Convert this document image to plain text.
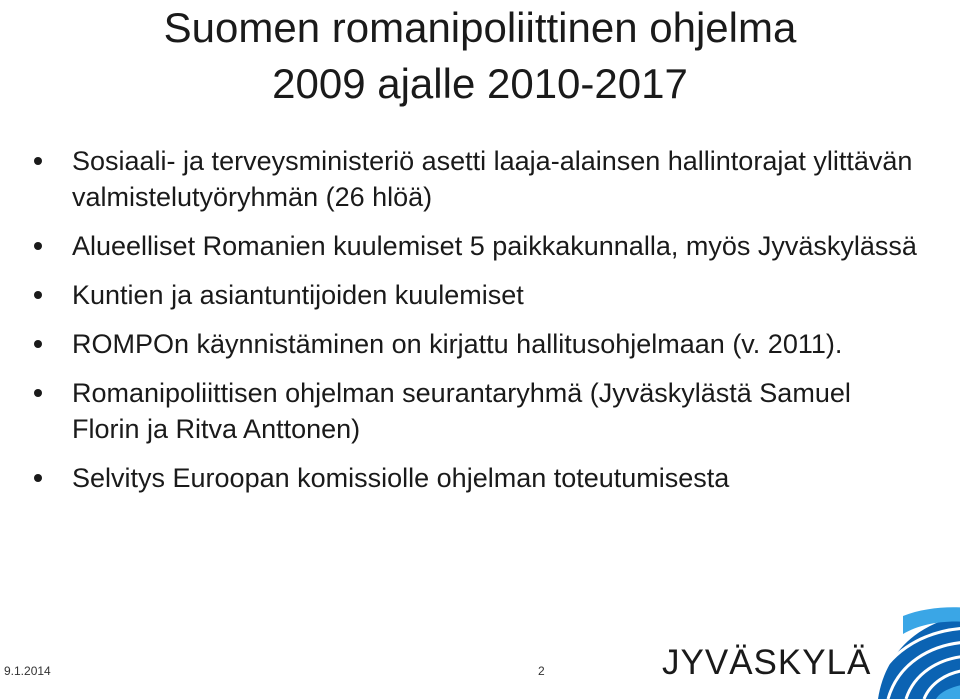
Suomen romanipoliittinen ohjelma
2009 ajalle 2010-2017
Sosiaali- ja terveysministeriö asetti laaja-alainsen hallintorajat ylittävän valmistelutyöryhmän (26 hlöä)
Alueelliset Romanien kuulemiset 5 paikkakunnalla, myös Jyväskylässä
Kuntien ja asiantuntijoiden kuulemiset
ROMPOn käynnistäminen on kirjattu hallitusohjelmaan (v. 2011).
Romanipoliittisen ohjelman seurantaryhmä (Jyväskylästä Samuel Florin ja Ritva Anttonen)
Selvitys Euroopan komissiolle ohjelman toteutumisesta
9.1.2014	2	JYVÄSKYLÄ
